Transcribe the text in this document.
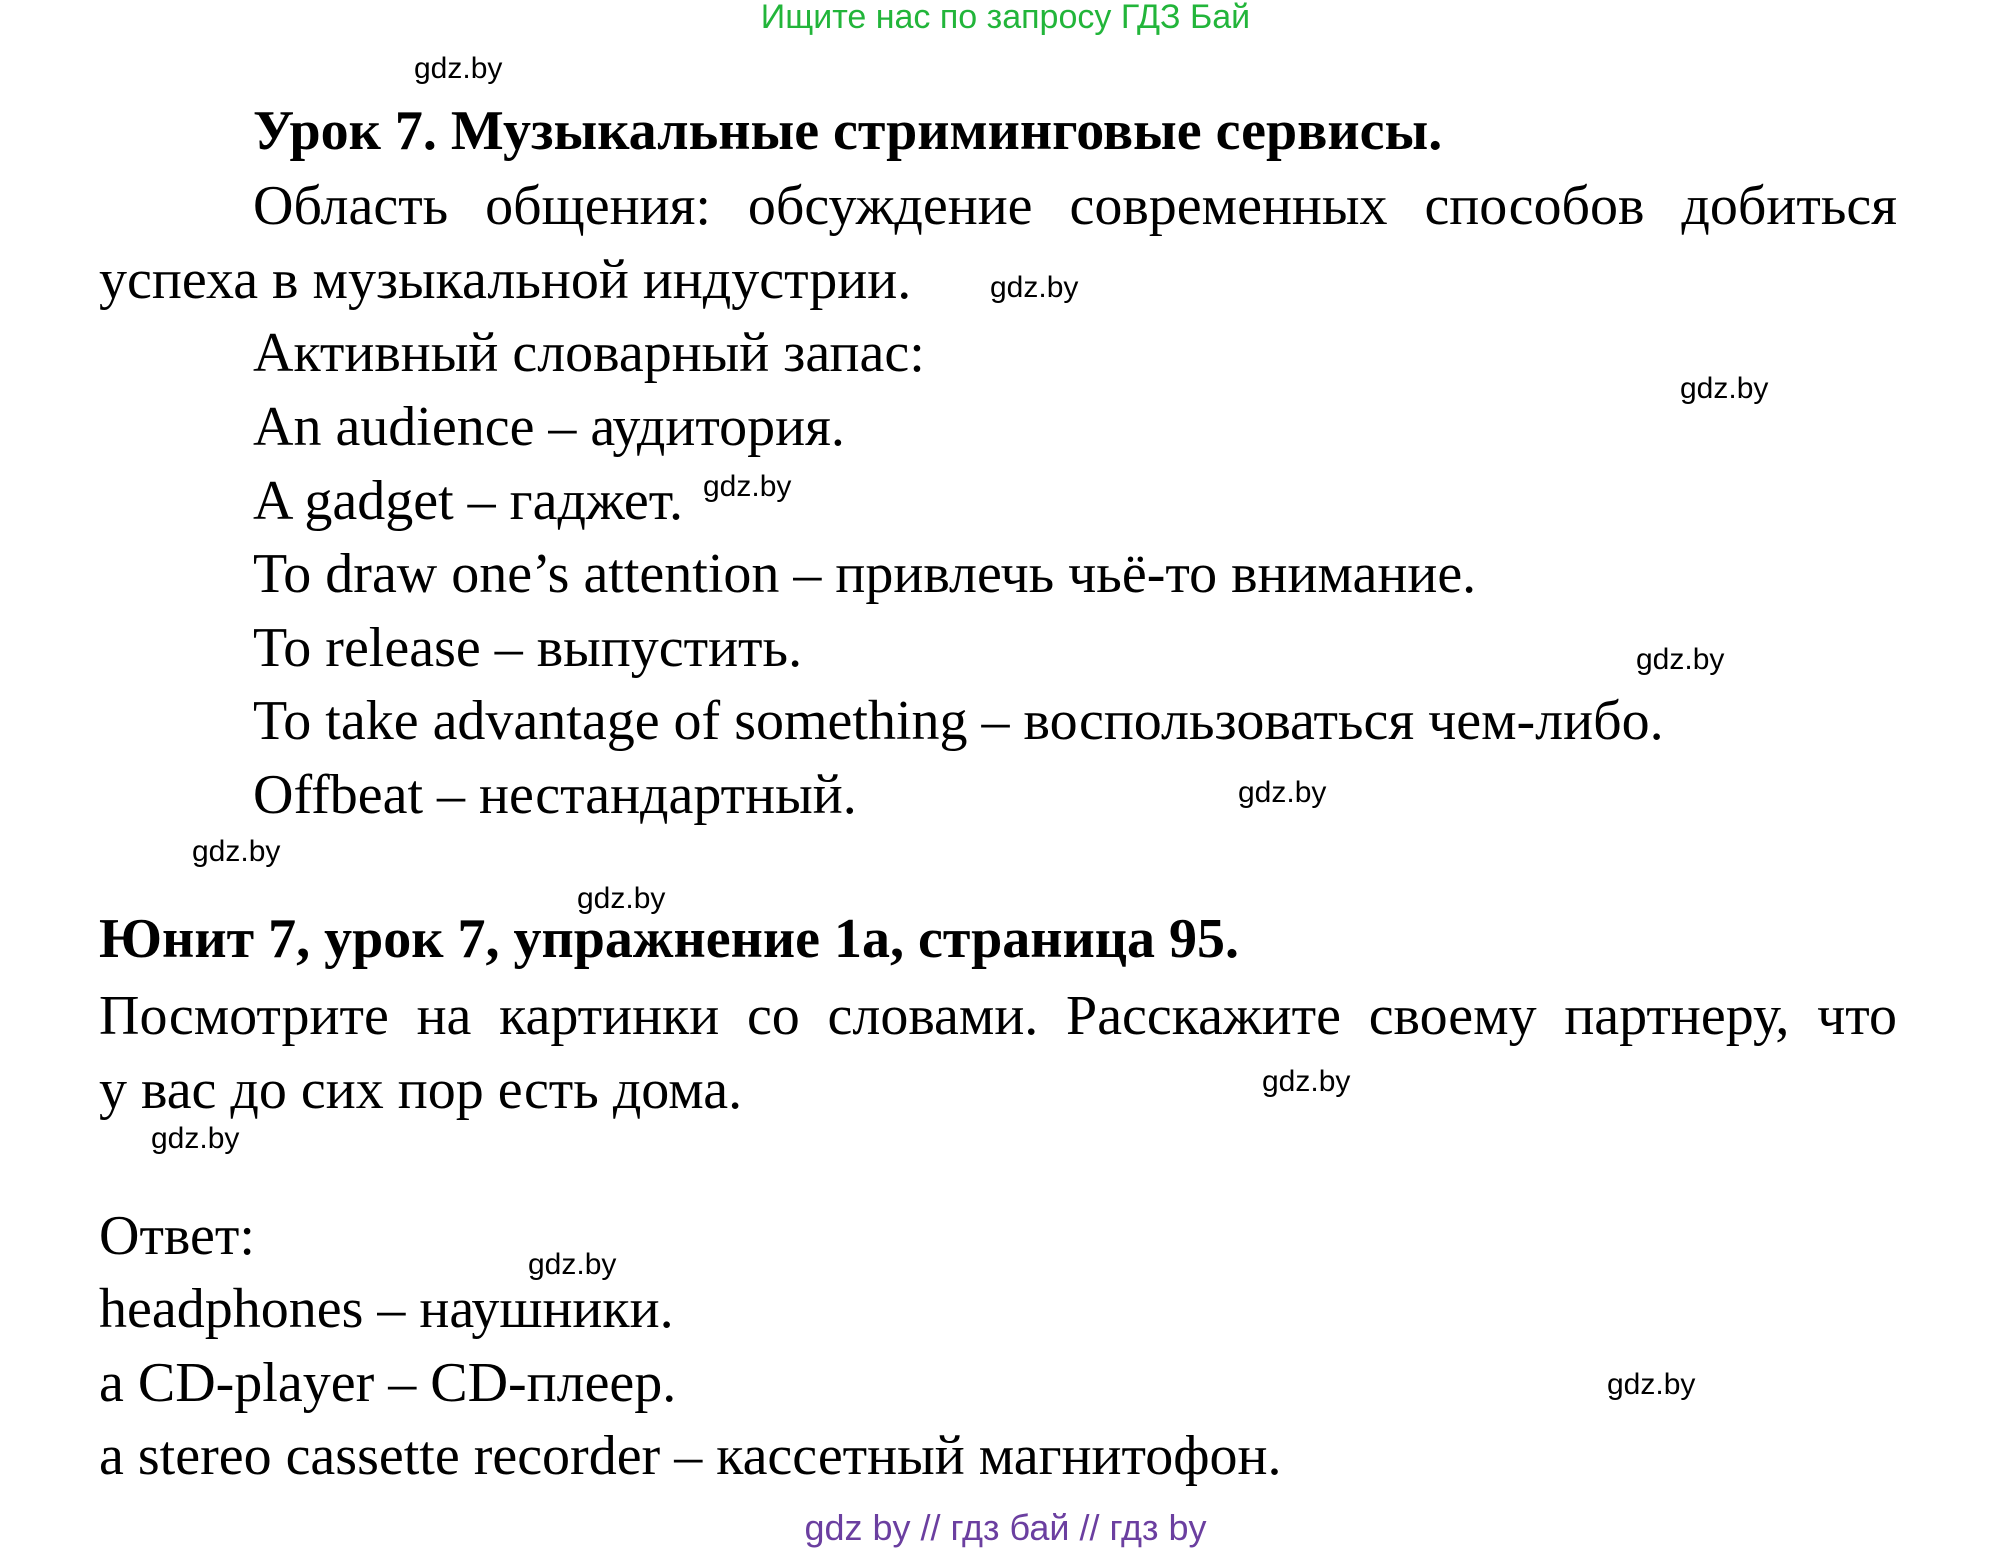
Ищите нас по запросу ГДЗ Бай
Урок 7. Музыкальные стриминговые сервисы.
Область общения: обсуждение современных способов добиться
успеха в музыкальной индустрии.
Активный словарный запас:
An audience – аудитория.
A gadget – гаджет.
To draw one’s attention – привлечь чьё-то внимание.
To release – выпустить.
To take advantage of something – воспользоваться чем-либо.
Offbeat – нестандартный.
Юнит 7, урок 7, упражнение 1а, страница 95.
Посмотрите на картинки со словами. Расскажите своему партнеру, что
у вас до сих пор есть дома.
Ответ:
headphones – наушники.
a CD-player – CD-плеер.
a stereo cassette recorder – кассетный магнитофон.
gdz.by
gdz.by
gdz.by
gdz.by
gdz.by
gdz.by
gdz.by
gdz.by
gdz.by
gdz.by
gdz.by
gdz.by
gdz by // гдз бай // гдз by
